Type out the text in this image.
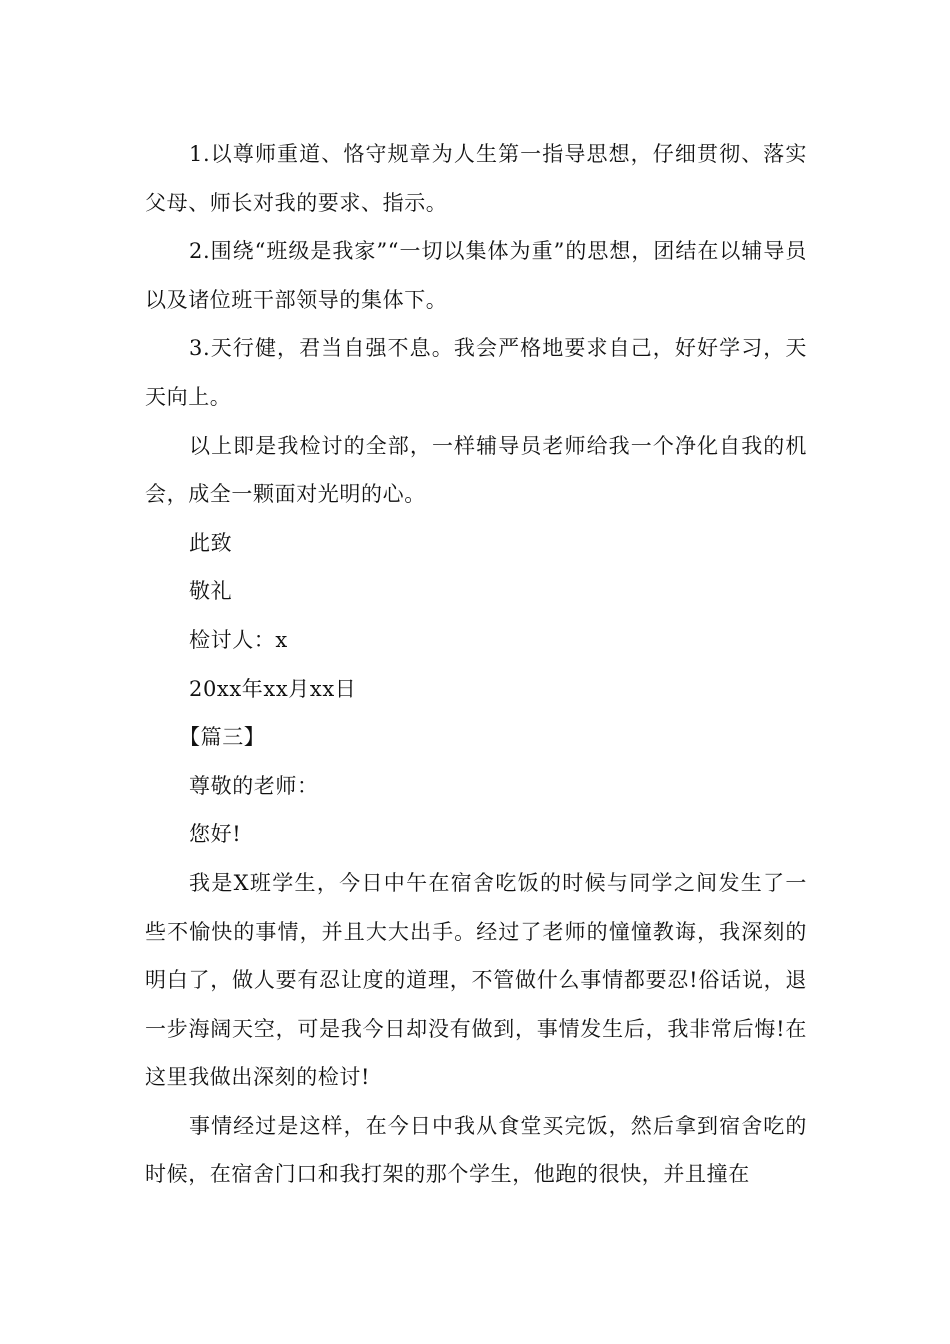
1.以尊师重道、恪守规章为人生第一指导思想，仔细贯彻、落实父母、师长对我的要求、指示。

2.围绕“班级是我家”“一切以集体为重”的思想，团结在以辅导员以及诸位班干部领导的集体下。

3.天行健，君当自强不息。我会严格地要求自己，好好学习，天天向上。

以上即是我检讨的全部，一样辅导员老师给我一个净化自我的机会，成全一颗面对光明的心。

此致

敬礼

检讨人：x

20xx年xx月xx日

【篇三】

尊敬的老师：

您好!

我是X班学生，今日中午在宿舍吃饭的时候与同学之间发生了一些不愉快的事情，并且大大出手。经过了老师的憧憧教诲，我深刻的明白了，做人要有忍让度的道理，不管做什么事情都要忍!俗话说，退一步海阔天空，可是我今日却没有做到，事情发生后，我非常后悔!在这里我做出深刻的检讨!

事情经过是这样，在今日中我从食堂买完饭，然后拿到宿舍吃的时候，在宿舍门口和我打架的那个学生，他跑的很快，并且撞在
